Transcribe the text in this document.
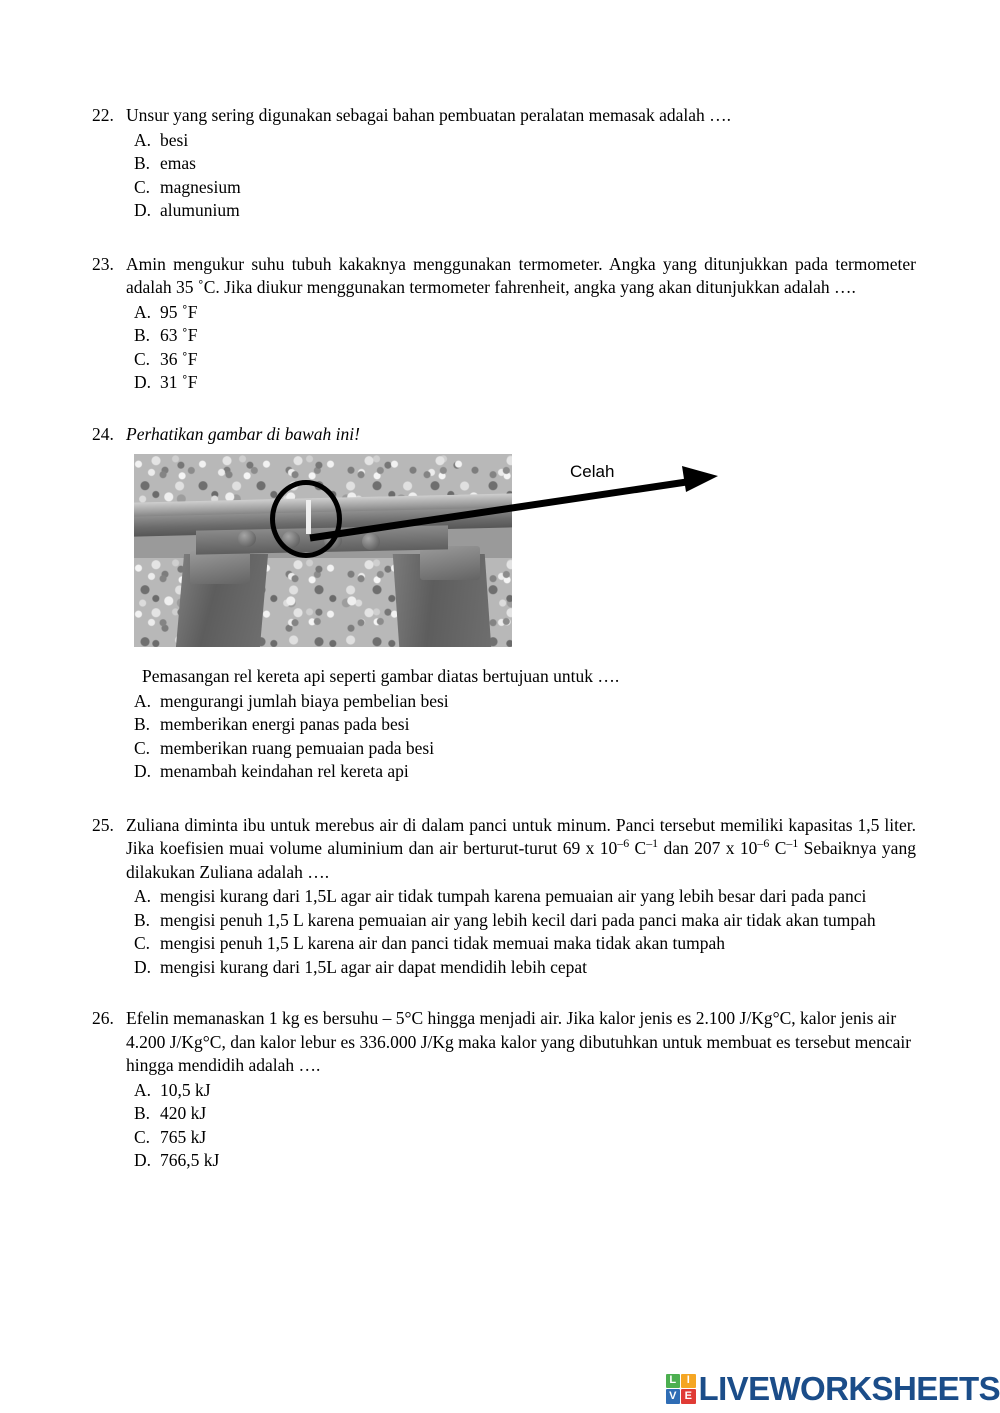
22. Unsur yang sering digunakan sebagai bahan pembuatan peralatan memasak adalah ….
A. besi
B. emas
C. magnesium
D. alumunium
23. Amin mengukur suhu tubuh kakaknya menggunakan termometer. Angka yang ditunjukkan pada termometer adalah 35 ˚C. Jika diukur menggunakan termometer fahrenheit, angka yang akan ditunjukkan adalah ….
A. 95 ˚F
B. 63 ˚F
C. 36 ˚F
D. 31 ˚F
24. Perhatikan gambar di bawah ini!
Celah
Pemasangan rel kereta api seperti gambar diatas bertujuan untuk ….
A. mengurangi jumlah biaya pembelian besi
B. memberikan energi panas pada besi
C. memberikan ruang pemuaian pada besi
D. menambah keindahan rel kereta api
25. Zuliana diminta ibu untuk merebus air di dalam panci untuk minum. Panci tersebut memiliki kapasitas 1,5 liter. Jika koefisien muai volume aluminium dan air berturut-turut 69 x $10^{-6}$ $C^{-1}$ dan 207 x $10^{-6}$ $C^{-1}$ Sebaiknya yang dilakukan Zuliana adalah ….
A. mengisi kurang dari 1,5L agar air tidak tumpah karena pemuaian air yang lebih besar dari pada panci
B. mengisi penuh 1,5 L karena pemuaian air yang lebih kecil dari pada panci maka air tidak akan tumpah
C. mengisi penuh 1,5 L karena air dan panci tidak memuai maka tidak akan tumpah
D. mengisi kurang dari 1,5L agar air dapat mendidih lebih cepat
26. Efelin memanaskan 1 kg es bersuhu – 5°C hingga menjadi air. Jika kalor jenis es 2.100 J/Kg°C, kalor jenis air 4.200 J/Kg°C, dan kalor lebur es 336.000 J/Kg maka kalor yang dibutuhkan untuk membuat es tersebut mencair hingga mendidih adalah ….
A. 10,5 kJ
B. 420 kJ
C. 765 kJ
D. 766,5 kJ
L I
V E LIVEWORKSHEETS
